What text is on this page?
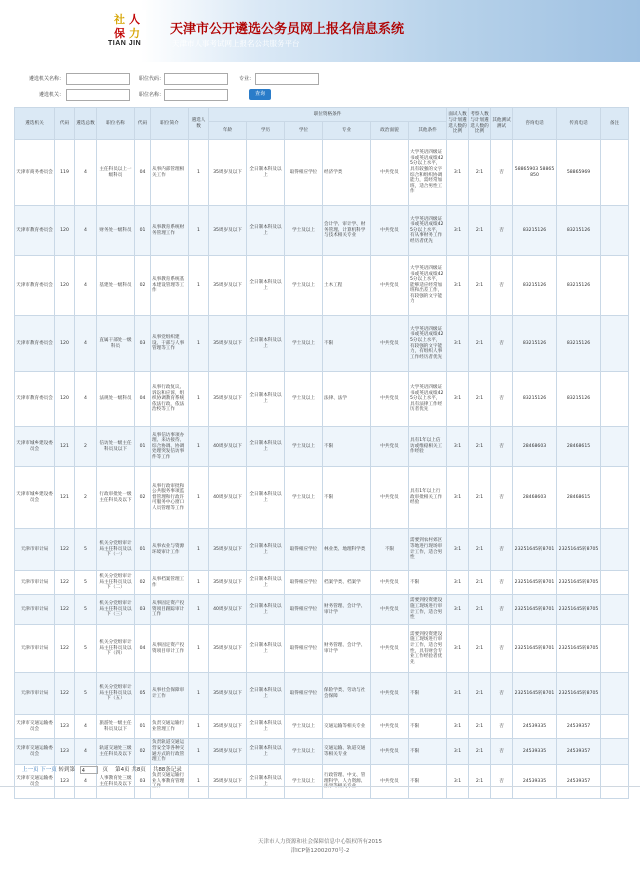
社 人
保 力
TIAN JIN
天津市公开遴选公务员网上报名信息系统
天津市人事考试网上报名公共服务平台
遴选机关名称：	职位代码：	专业：
遴选机关：	职位名称：	查询
遴选机关	代码	遴选总数	职位名称	代码	职位简介	遴选人数	职位资格条件						面试人数与计划遴选人数的比例	考察人数与计划遴选人数的比例	其他测试测试	咨询电话	传真电话	备注
							年龄	学历	学位	专业	政治面貌	其他条件						
天津市商务委员会	119	4	主任科员以上一级科员	04	从事内部管理相关工作	1	35周岁及以下	全日制本科及以上	取得相应学位	经济学类	中共党员	大学英语四级证书或英语成绩425分以上水平，具有较强的文字综合和组织协调能力，需经常加班，适合男性工作	3:1	2:1	否	58865903 58865850	58865969	
天津市教育委员会	120	4	财务处一级科员	01	从事教育系统财务管理工作	1	35周岁及以下	全日制本科及以上	学士及以上	会计学、审计学、财务管理、计算机科学与技术相关专业	中共党员	大学英语四级证书或英语成绩425分以上水平，有从事财务工作经历者优先	3:1	2:1	否	83215126	83215126	
天津市教育委员会	120	4	基建处一级科员	02	从事教育系统基本建设管理等工作	1	35周岁及以下	全日制本科及以上	学士及以上	土木工程	中共党员	大学英语四级证书或英语成绩425分以上水平，能够适应经常加班和出差工作，有较强的文字能力	3:1	2:1	否	83215126	83215126	
天津市教育委员会	120	4	直属干部处一级科员	03	从事党组织建设、干部与人事管理等工作	1	35周岁及以下	全日制本科及以上	学士及以上	不限	中共党员	大学英语四级证书或英语成绩425分以上水平，有较强的文字能力，有组织人事工作经历者优先	3:1	2:1	否	83215126	83215126	
天津市教育委员会	120	4	法规处一级科员	04	从事行政复议、诉讼和应诉，组织协调教育系统依法行政，依法治校等工作	1	35周岁及以下	全日制本科及以上	学士及以上	法律、法学	中共党员	大学英语四级证书或英语成绩425分以上水平，具有法律工作经历者优先	3:1	2:1	否	83215126	83215126	
天津市城乡建设委员会	121	2	信访处一级主任科员及以下	01	从事信访事项办理、来访接待、综合协调、协调处理突发信访事件等工作	1	40周岁及以下	全日制本科及以上	学士及以上	不限	中共党员	具有1年以上信访或维稳相关工作经验	3:1	2:1	否	28468603	28468615	
天津市城乡建设委员会	121	2	行政审批处一级主任科员及以下	02	从事行政审批和公共服务事项监督管理和行政许可服务中心窗口人员管理等工作	1	40周岁及以下	全日制本科及以上	学士及以上	不限	中共党员	具有1年以上行政审批相关工作经验	3:1	2:1	否	28468603	28468615	
天津市审计局	122	5	机关分党组审计局主任科员及以下（一）	01	从事农业与资源环境审计工作	1	35周岁及以下	全日制本科及以上	取得相应学位	林业类、地理科学类	不限	需要到农村郊区等地进行现场审计工作，适合男性	3:1	2:1	否	23251645转8701	23251645转8705	
天津市审计局	122	5	机关分党组审计局主任科员及以下（二）	02	从事档案管理工作	1	35周岁及以下	全日制本科及以上	取得相应学位	档案学类、档案学	中共党员	不限	3:1	2:1	否	23251645转8701	23251645转8705	
天津市审计局	122	5	机关分党组审计局主任科员及以下（三）	03	从事固定资产投资项目跟踪审计工作	1	40周岁及以下	全日制本科及以上	取得相应学位	财务管理、会计学、审计学	中共党员	需要到投资建设施工现场进行审计工作，适合男性	3:1	2:1	否	23251645转8701	23251645转8705	
天津市审计局	122	5	机关分党组审计局主任科员及以下（四）	04	从事固定资产投资项目审计工作	1	35周岁及以下	全日制本科及以上	取得相应学位	财务管理、会计学、审计学	中共党员	需要到投资建设施工现场进行审计工作，适合男性，具有财会专业工作经验者优先	3:1	2:1	否	23251645转8701	23251645转8705	
天津市审计局	122	5	机关分党组审计局主任科员及以下（五）	05	从事社会保障审计工作	1	35周岁及以下	全日制本科及以上	取得相应学位	保险学类、劳动与社会保障	中共党员	不限	3:1	2:1	否	23251645转8701	23251645转8705	
天津市交通运输委员会	123	4	旅游处一级主任科员及以下	01	负责交通运输行业管理工作	1	35周岁及以下	全日制本科及以上	学士及以上	交通运输等相关专业	中共党员	不限	3:1	2:1	否	24539335	24539357	
天津市交通运输委员会	123	4	轨道交通处三级主任科员及以下	02	负责轨道交通运营安全等各种交通方式的行政管理工作	1	35周岁及以下	全日制本科及以上	学士及以上	交通运输、轨道交通等相关专业	中共党员	不限	3:1	2:1	否	24539335	24539357	
天津市交通运输委员会	123	4	人事教育处三级主任科员及以下	03	负责交通运输行业人事教育管理工作	1	35周岁及以下	全日制本科及以上	学士及以上	行政管理、中文、管理科学、人力资源、法学等相关专业	中共党员	不限	3:1	2:1	否	24539335	24539357	
上一页 下一页 转到第 4	页 第4页 共8页 共88条记录
天津市人力资源和社会保障信息中心版权所有2015
津ICP备12002070号-2
